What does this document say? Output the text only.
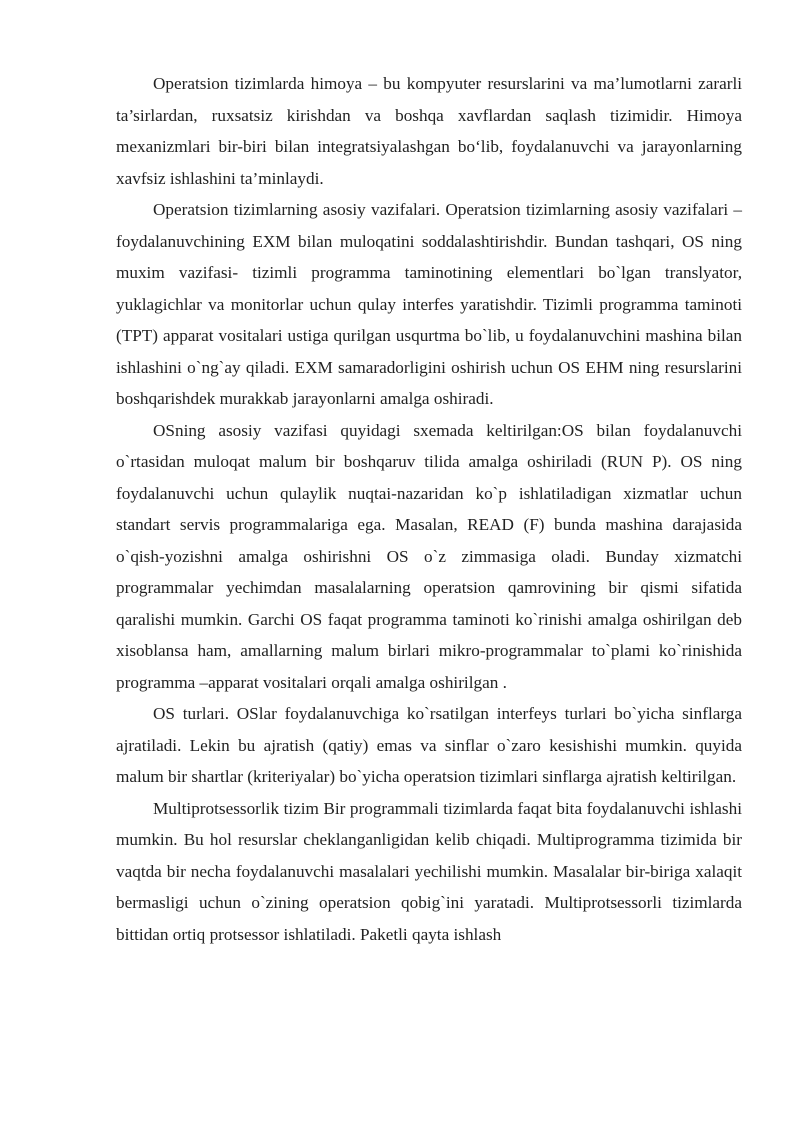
Operatsion tizimlarda himoya – bu kompyuter resurslarini va ma’lumotlarni zararli ta’sirlardan, ruxsatsiz kirishdan va boshqa xavflardan saqlash tizimidir. Himoya mexanizmlari bir-biri bilan integratsiyalashgan bo‘lib, foydalanuvchi va jarayonlarning xavfsiz ishlashini ta’minlaydi.

Operatsion tizimlarning asosiy vazifalari. Operatsion tizimlarning asosiy vazifalari – foydalanuvchining EXM bilan muloqatini soddalashtirishdir. Bundan tashqari, OS ning muxim vazifasi- tizimli programma taminotining elementlari bo`lgan translyator, yuklagichlar va monitorlar uchun qulay interfes yaratishdir. Tizimli programma taminoti (TPT) apparat vositalari ustiga qurilgan usqurtma bo`lib, u foydalanuvchini mashina bilan ishlashini o`ng`ay qiladi. EXM samaradorligini oshirish uchun OS EHM ning resurslarini boshqarishdek murakkab jarayonlarni amalga oshiradi.

OSning asosiy vazifasi quyidagi sxemada keltirilgan:OS bilan foydalanuvchi o`rtasidan muloqat malum bir boshqaruv tilida amalga oshiriladi (RUN P). OS ning foydalanuvchi uchun qulaylik nuqtai-nazaridan ko`p ishlatiladigan xizmatlar uchun standart servis programmalariga ega. Masalan, READ (F) bunda mashina darajasida o`qish-yozishni amalga oshirishni OS o`z zimmasiga oladi. Bunday xizmatchi programmalar yechimdan masalalarning operatsion qamrovining bir qismi sifatida qaralishi mumkin. Garchi OS faqat programma taminoti ko`rinishi amalga oshirilgan deb xisoblansa ham, amallarning malum birlari mikro-programmalar to`plami ko`rinishida programma –apparat vositalari orqali amalga oshirilgan .

OS turlari. OSlar foydalanuvchiga ko`rsatilgan interfeys turlari bo`yicha sinflarga ajratiladi. Lekin bu ajratish (qatiy) emas va sinflar o`zaro kesishishi mumkin. quyida malum bir shartlar (kriteriyalar) bo`yicha operatsion tizimlari sinflarga ajratish keltirilgan.

Multiprotsessorlik tizim Bir programmali tizimlarda faqat bita foydalanuvchi ishlashi mumkin. Bu hol resurslar cheklanganligidan kelib chiqadi. Multiprogramma tizimida bir vaqtda bir necha foydalanuvchi masalalari yechilishi mumkin. Masalalar bir-biriga xalaqit bermasligi uchun o`zining operatsion qobig`ini yaratadi. Multiprotsessorli tizimlarda bittidan ortiq protsessor ishlatiladi. Paketli qayta ishlash
